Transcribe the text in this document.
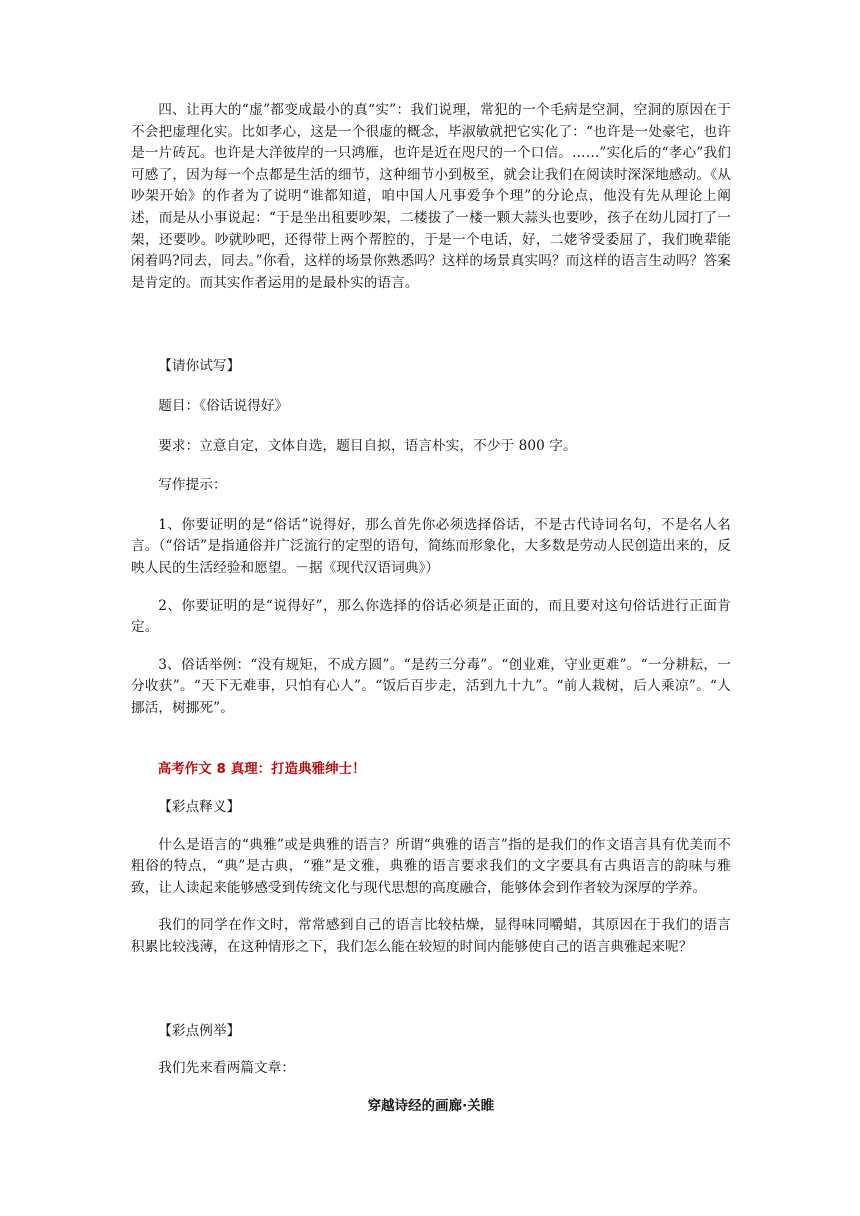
四、让再大的“虚”都变成最小的真“实”：我们说理，常犯的一个毛病是空洞，空洞的原因在于不会把虚理化实。比如孝心，这是一个很虚的概念，毕淑敏就把它实化了：“也许是一处豪宅，也许是一片砖瓦。也许是大洋彼岸的一只鸿雁，也许是近在咫尺的一个口信。……”实化后的“孝心”我们可感了，因为每一个点都是生活的细节，这种细节小到极至，就会让我们在阅读时深深地感动。《从吵架开始》的作者为了说明“谁都知道，咱中国人凡事爱争个理”的分论点，他没有先从理论上阐述，而是从小事说起：“于是坐出租要吵架，二楼拔了一楼一颗大蒜头也要吵，孩子在幼儿园打了一架，还要吵。吵就吵吧，还得带上两个帮腔的，于是一个电话，好，二姥爷受委屈了，我们晚辈能闲着吗?同去，同去。”你看，这样的场景你熟悉吗？这样的场景真实吗？而这样的语言生动吗？答案是肯定的。而其实作者运用的是最朴实的语言。

【请你试写】

题目：《俗话说得好》

要求：立意自定，文体自选，题目自拟，语言朴实，不少于 800 字。

写作提示：

1、你要证明的是“俗话”说得好，那么首先你必须选择俗话，不是古代诗词名句，不是名人名言。（“俗话”是指通俗并广泛流行的定型的语句，简练而形象化，大多数是劳动人民创造出来的，反映人民的生活经验和愿望。－据《现代汉语词典》）

2、你要证明的是“说得好”，那么你选择的俗话必须是正面的，而且要对这句俗话进行正面肯定。

3、俗话举例：“没有规矩，不成方圆”。“是药三分毒”。“创业难，守业更难”。“一分耕耘，一分收获”。“天下无难事，只怕有心人”。“饭后百步走，活到九十九”。“前人栽树，后人乘凉”。“人挪活，树挪死”。

高考作文 8 真理：打造典雅绅士！

【彩点释义】

什么是语言的“典雅”或是典雅的语言？所谓“典雅的语言”指的是我们的作文语言具有优美而不粗俗的特点，“典”是古典，“雅”是文雅，典雅的语言要求我们的文字要具有古典语言的韵味与雅致，让人读起来能够感受到传统文化与现代思想的高度融合，能够体会到作者较为深厚的学养。

我们的同学在作文时，常常感到自己的语言比较枯燥，显得味同嚼蜡，其原因在于我们的语言积累比较浅薄，在这种情形之下，我们怎么能在较短的时间内能够使自己的语言典雅起来呢？

【彩点例举】

我们先来看两篇文章：

穿越诗经的画廊·关睢
